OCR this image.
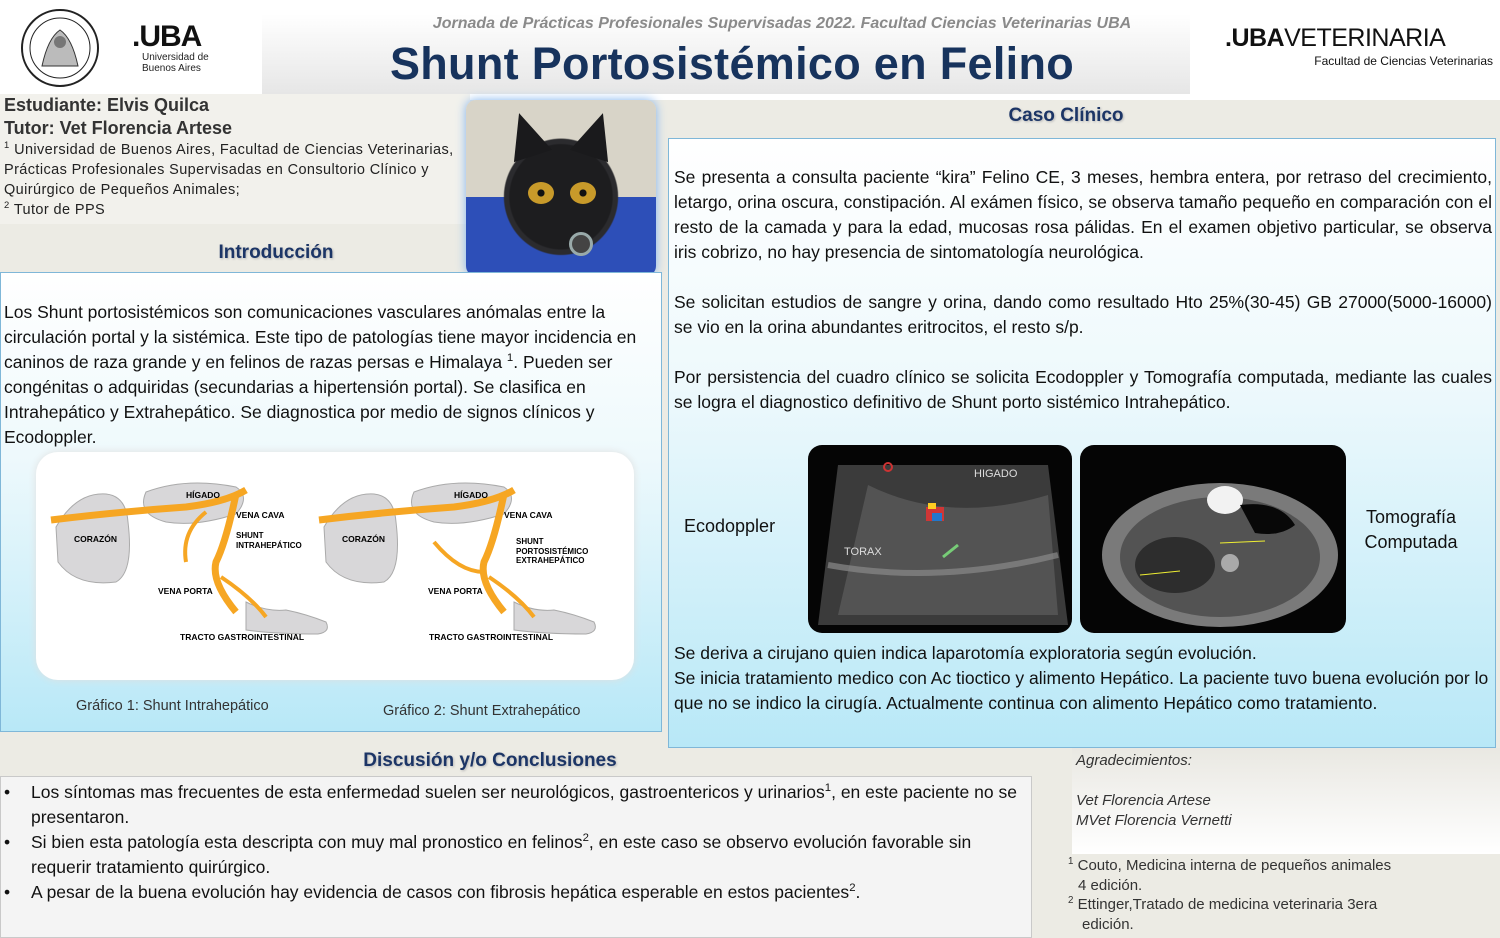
.UBA
Universidad de
Buenos Aires
Jornada de Prácticas Profesionales Supervisadas 2022. Facultad Ciencias Veterinarias UBA
Shunt Portosistémico en Felino	.UBAVETERINARIA
Facultad de Ciencias Veterinarias
Estudiante: Elvis Quilca
Tutor: Vet Florencia Artese
$^1$ Universidad de Buenos Aires, Facultad de Ciencias Veterinarias, Prácticas Profesionales Supervisadas en Consultorio Clínico y Quirúrgico de Pequeños Animales;
$^2$ Tutor de PPS
Introducción
Los Shunt portosistémicos son comunicaciones vasculares anómalas entre la circulación portal y la sistémica. Este tipo de patologías tiene mayor incidencia en caninos de raza grande y en felinos de razas persas e Himalaya $^1$. Pueden ser congénitas o adquiridas (secundarias a hipertensión portal). Se clasifica en Intrahepático y Extrahepático. Se diagnostica por medio de signos clínicos y Ecodoppler.
HÍGADO
CORAZÓN
VENA CAVA
SHUNT
INTRAHEPÁTICO
VENA PORTA
TRACTO GASTROINTESTINAL
HÍGADO
CORAZÓN
VENA CAVA
SHUNT
PORTOSISTÉMICO
EXTRAHEPÁTICO
VENA PORTA
TRACTO GASTROINTESTINAL
Gráfico 1: Shunt Intrahepático	Gráfico 2: Shunt Extrahepático
Caso Clínico

Se presenta a consulta paciente “kira” Felino CE, 3 meses, hembra entera, por retraso del crecimiento, letargo, orina oscura, constipación. Al exámen físico, se observa tamaño pequeño en comparación con el resto de la camada y para la edad, mucosas rosa pálidas. En el examen objetivo particular, se observa iris cobrizo, no hay presencia de sintomatología neurológica.

Se solicitan estudios de sangre y orina, dando como resultado Hto 25%(30-45) GB 27000(5000-16000) se vio en la orina abundantes eritrocitos, el resto s/p.

Por persistencia del cuadro clínico se solicita Ecodoppler y Tomografía computada, mediante las cuales se logra el diagnostico definitivo de Shunt porto sistémico Intrahepático.

HIGADO
TORAX
Ecodoppler	Tomografía
Computada
Se deriva a cirujano quien indica laparotomía exploratoria según evolución.
Se inicia tratamiento medico con Ac tioctico y alimento Hepático. La paciente tuvo buena evolución por lo que no se indico la cirugía. Actualmente continua con alimento Hepático como tratamiento.
Discusión y/o Conclusiones
• Los síntomas mas frecuentes de esta enfermedad suelen ser neurológicos, gastroentericos y urinarios$^1$, en este paciente no se presentaron.
• Si bien esta patología esta descripta con muy mal pronostico en felinos$^2$, en este caso se observo evolución favorable sin requerir tratamiento quirúrgico.
• A pesar de la buena evolución hay evidencia de casos con fibrosis hepática esperable en estos pacientes$^2$.
Agradecimientos:
Vet Florencia Artese
MVet Florencia Vernetti
$^1$ Couto, Medicina interna de pequeños animales
4 edición.
$^2$ Ettinger,Tratado de medicina veterinaria 3era
edición.
